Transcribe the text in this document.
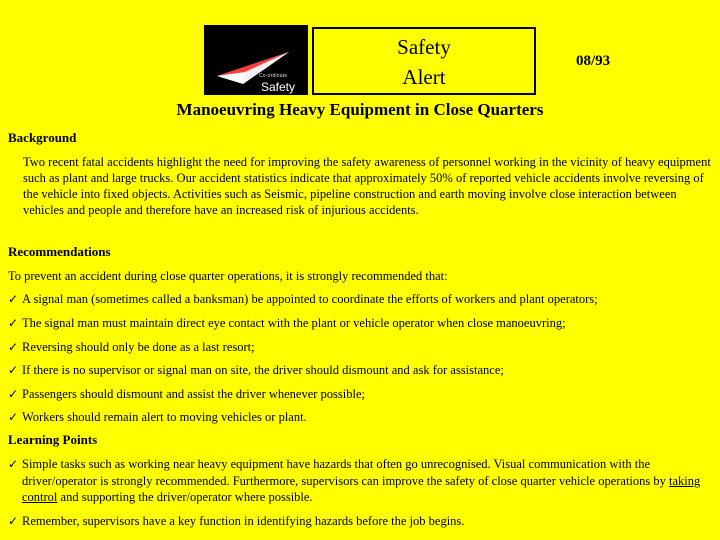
Co-ordinate
Safety
Safety
Alert
08/93
Manoeuvring Heavy Equipment in Close Quarters
Background
Two recent fatal accidents highlight the need for improving the safety awareness of personnel working in the vicinity of heavy equipment such as plant and large trucks. Our accident statistics indicate that approximately 50% of reported vehicle accidents involve reversing of the vehicle into fixed objects. Activities such as Seismic, pipeline construction and earth moving involve close interaction between vehicles and people and therefore have an increased risk of injurious accidents.
Recommendations
To prevent an accident during close quarter operations, it is strongly recommended that:
✓ A signal man (sometimes called a banksman) be appointed to coordinate the efforts of workers and plant operators;
✓ The signal man must maintain direct eye contact with the plant or vehicle operator when close manoeuvring;
✓ Reversing should only be done as a last resort;
✓ If there is no supervisor or signal man on site, the driver should dismount and ask for assistance;
✓ Passengers should dismount and assist the driver whenever possible;
✓ Workers should remain alert to moving vehicles or plant.
Learning Points
✓ Simple tasks such as working near heavy equipment have hazards that often go unrecognised. Visual communication with the driver/operator is strongly recommended. Furthermore, supervisors can improve the safety of close quarter vehicle operations by taking control and supporting the driver/operator where possible.
✓ Remember, supervisors have a key function in identifying hazards before the job begins.
